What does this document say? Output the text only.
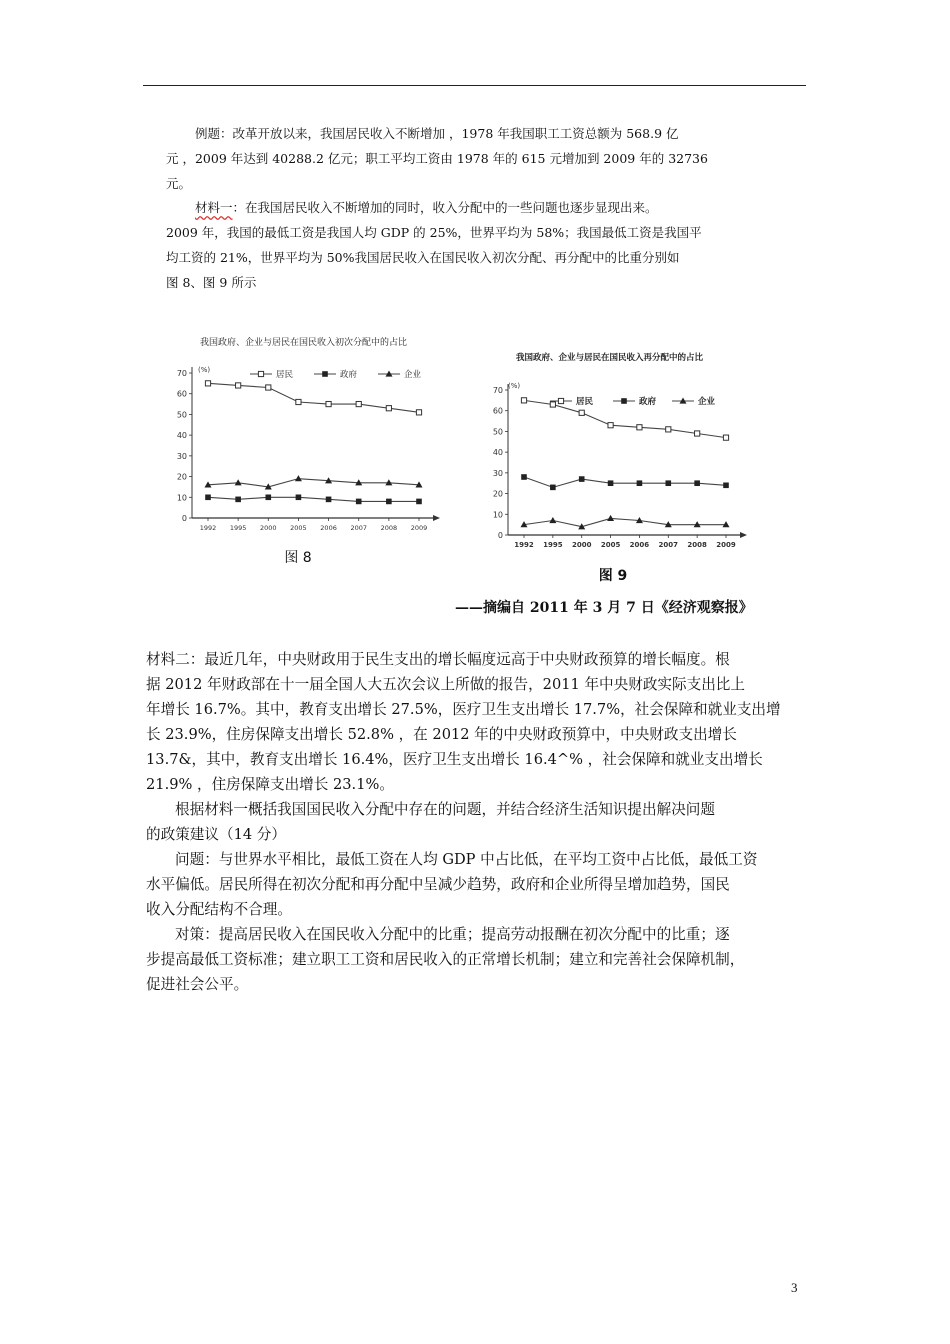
例题：改革开放以来，我国居民收入不断增加 ，1978 年我国职工工资总额为 568.9 亿
元 ，2009 年达到 40288.2 亿元；职工平均工资由 1978 年的 615 元增加到 2009 年的 32736
元。
材料一：在我国居民收入不断增加的同时，收入分配中的一些问题也逐步显现出来。
2009 年，我国的最低工资是我国人均 GDP 的 25%，世界平均为 58%；我国最低工资是我国平
均工资的 21%，世界平均为 50%我国居民收入在国民收入初次分配、再分配中的比重分别如
图 8、图 9 所示
我国政府、企业与居民在国民收入初次分配中的占比
(%)	居民	政府	企业
0
10
20
30
40
50
60
70
1992 1995 2000 2005 2006 2007 2008 2009
图 8
我国政府、企业与居民在国民收入再分配中的占比
(%)
居民	政府	企业
0
10
20
30
40
50
60
70
1992 1995 2000 2005 2006 2007 2008 2009
图 9
——摘编自 2011 年 3 月 7 日《经济观察报》
材料二：最近几年，中央财政用于民生支出的增长幅度远高于中央财政预算的增长幅度。根
据 2012 年财政部在十一届全国人大五次会议上所做的报告，2011 年中央财政实际支出比上
年增长 16.7%。其中，教育支出增长 27.5%，医疗卫生支出增长 17.7%，社会保障和就业支出增
长 23.9%，住房保障支出增长 52.8% ，在 2012 年的中央财政预算中，中央财政支出增长
13.7&，其中，教育支出增长 16.4%，医疗卫生支出增长 16.4^% ，社会保障和就业支出增长
21.9% ，住房保障支出增长 23.1%。
根据材料一概括我国国民收入分配中存在的问题，并结合经济生活知识提出解决问题
的政策建议（14 分）
问题：与世界水平相比，最低工资在人均 GDP 中占比低，在平均工资中占比低，最低工资
水平偏低。居民所得在初次分配和再分配中呈减少趋势，政府和企业所得呈增加趋势，国民
收入分配结构不合理。
对策：提高居民收入在国民收入分配中的比重；提高劳动报酬在初次分配中的比重；逐
步提高最低工资标准；建立职工工资和居民收入的正常增长机制；建立和完善社会保障机制，
促进社会公平。
3
